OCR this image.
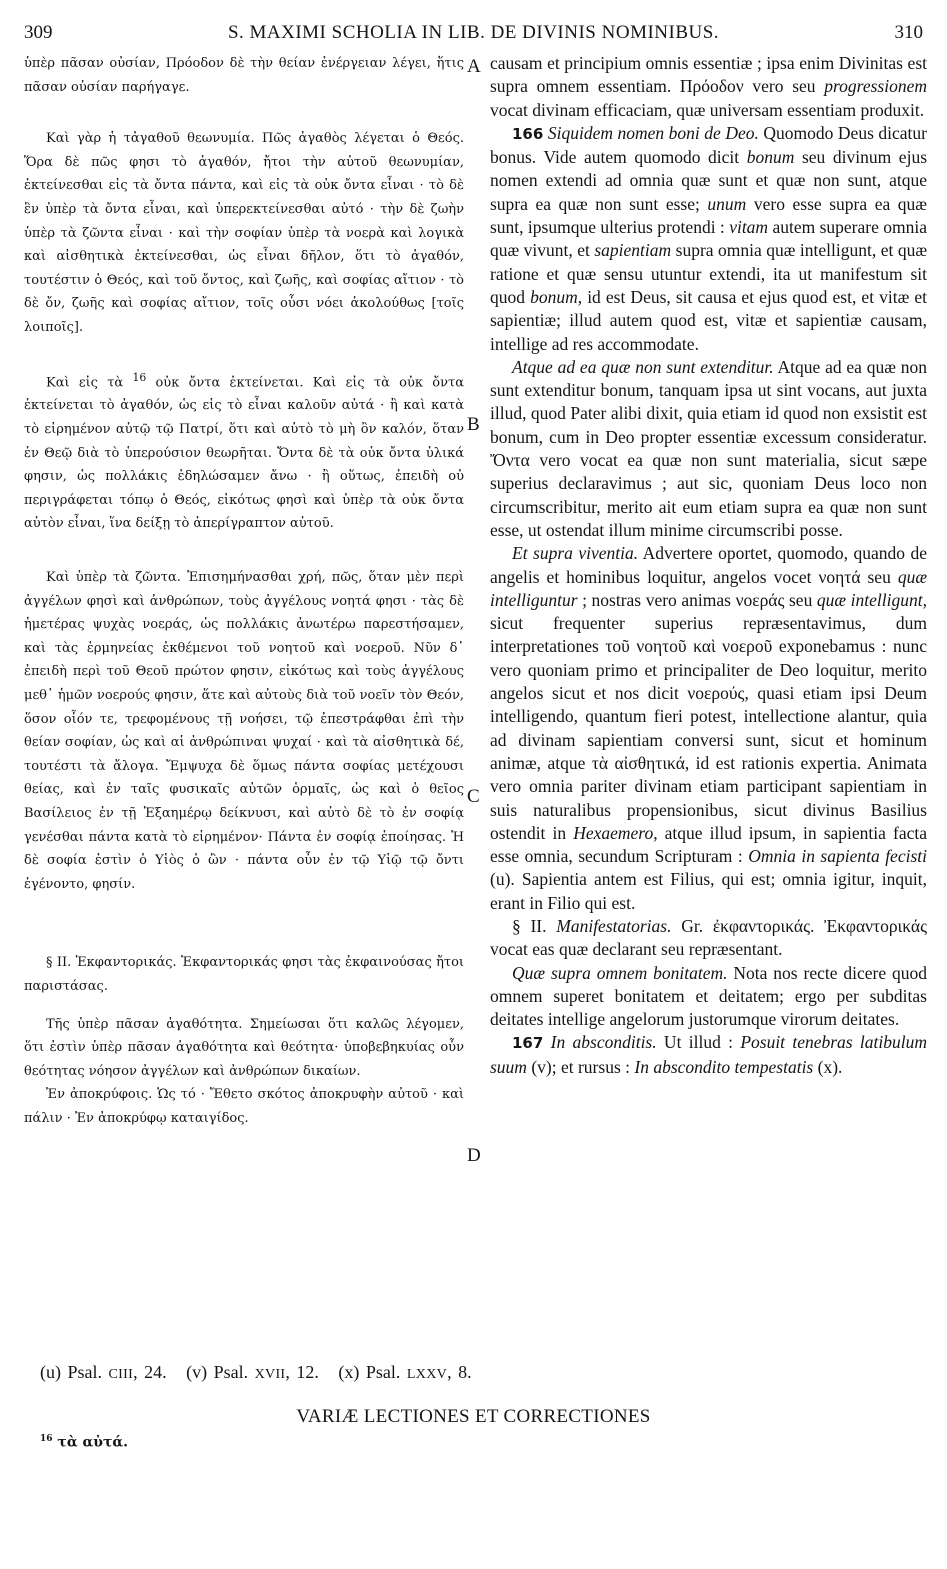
309	S. MAXIMI SCHOLIA IN LIB. DE DIVINIS NOMINIBUS.	310
A
B
C
D

ὑπὲρ πᾶσαν οὐσίαν, Πρόοδον δὲ τὴν θείαν ἐνέργειαν λέγει, ἥτις πᾶσαν οὐσίαν παρήγαγε.

Καὶ γὰρ ἡ τἀγαθοῦ θεωνυμία. Πῶς ἀγαθὸς λέγεται ὁ Θεός. Ὅρα δὲ πῶς φησι τὸ ἀγαθόν, ἤτοι τὴν αὐτοῦ θεωνυμίαν, ἐκτείνεσθαι εἰς τὰ ὄντα πάντα, καὶ εἰς τὰ οὐκ ὄντα εἶναι · τὸ δὲ ἓν ὑπὲρ τὰ ὄντα εἶναι, καὶ ὑπερεκτείνεσθαι αὐτό · τὴν δὲ ζωὴν ὑπὲρ τὰ ζῶντα εἶναι · καὶ τὴν σοφίαν ὑπὲρ τὰ νοερὰ καὶ λογικὰ καὶ αἰσθητικὰ ἐκτείνεσθαι, ὡς εἶναι δῆλον, ὅτι τὸ ἀγαθόν, τουτέστιν ὁ Θεός, καὶ τοῦ ὄντος, καὶ ζωῆς, καὶ σοφίας αἴτιον · τὸ δὲ ὄν, ζωῆς καὶ σοφίας αἴτιον, τοῖς οὖσι νόει ἀκολούθως [τοῖς λοιποῖς].

Καὶ εἰς τὰ $^{16}$ οὐκ ὄντα ἐκτείνεται. Καὶ εἰς τὰ οὐκ ὄντα ἐκτείνεται τὸ ἀγαθόν, ὡς εἰς τὸ εἶναι καλοῦν αὐτά · ἢ καὶ κατὰ τὸ εἰρημένον αὐτῷ τῷ Πατρί, ὅτι καὶ αὐτὸ τὸ μὴ ὂν καλόν, ὅταν ἐν Θεῷ διὰ τὸ ὑπερούσιον θεωρῆται. Ὄντα δὲ τὰ οὐκ ὄντα ὑλικά φησιν, ὡς πολλάκις ἐδηλώσαμεν ἄνω · ἢ οὕτως, ἐπειδὴ οὐ περιγράφεται τόπῳ ὁ Θεός, εἰκότως φησὶ καὶ ὑπὲρ τὰ οὐκ ὄντα αὐτὸν εἶναι, ἵνα δείξῃ τὸ ἀπερίγραπτον αὐτοῦ.

Καὶ ὑπὲρ τὰ ζῶντα. Ἐπισημήνασθαι χρή, πῶς, ὅταν μὲν περὶ ἀγγέλων φησὶ καὶ ἀνθρώπων, τοὺς ἀγγέλους νοητά φησι · τὰς δὲ ἡμετέρας ψυχὰς νοεράς, ὡς πολλάκις ἀνωτέρω παρεστήσαμεν, καὶ τὰς ἑρμηνείας ἐκθέμενοι τοῦ νοητοῦ καὶ νοεροῦ. Νῦν δ᾽ ἐπειδὴ περὶ τοῦ Θεοῦ πρώτον φησιν, εἰκότως καὶ τοὺς ἀγγέλους μεθ᾽ ἡμῶν νοερούς φησιν, ἅτε καὶ αὐτοὺς διὰ τοῦ νοεῖν τὸν Θεόν, ὅσον οἷόν τε, τρεφομένους τῇ νοήσει, τῷ ἐπεστράφθαι ἐπὶ τὴν θείαν σοφίαν, ὡς καὶ αἱ ἀνθρώπιναι ψυχαί · καὶ τὰ αἰσθητικὰ δέ, τουτέστι τὰ ἄλογα. Ἔμψυχα δὲ ὅμως πάντα σοφίας μετέχουσι θείας, καὶ ἐν ταῖς φυσικαῖς αὐτῶν ὁρμαῖς, ὡς καὶ ὁ θεῖος Βασίλειος ἐν τῇ Ἑξαημέρῳ δείκνυσι, καὶ αὐτὸ δὲ τὸ ἐν σοφίᾳ γενέσθαι πάντα κατὰ τὸ εἰρημένον· Πάντα ἐν σοφίᾳ ἐποίησας. Ἡ δὲ σοφία ἐστὶν ὁ Υἱὸς ὁ ὢν · πάντα οὖν ἐν τῷ Υἱῷ τῷ ὄντι ἐγένοντο, φησίν.

§ II. Ἐκφαντορικάς. Ἐκφαντορικάς φησι τὰς ἐκφαινούσας ἤτοι παριστάσας.

Τῆς ὑπὲρ πᾶσαν ἀγαθότητα. Σημείωσαι ὅτι καλῶς λέγομεν, ὅτι ἐστὶν ὑπὲρ πᾶσαν ἀγαθότητα καὶ θεότητα· ὑποβεβηκυίας οὖν θεότητας νόησον ἀγγέλων καὶ ἀνθρώπων δικαίων.

Ἐν ἀποκρύφοις. Ὡς τό · Ἔθετο σκότος ἀποκρυφὴν αὐτοῦ · καὶ πάλιν · Ἐν ἀποκρύφῳ καταιγίδος.

causam et principium omnis essentiæ ; ipsa enim Divinitas est supra omnem essentiam. Πρόοδον vero seu progressionem vocat divinam efficaciam, quæ universam essentiam produxit.

166 Siquidem nomen boni de Deo. Quomodo Deus dicatur bonus. Vide autem quomodo dicit bonum seu divinum ejus nomen extendi ad omnia quæ sunt et quæ non sunt, atque supra ea quæ non sunt esse; unum vero esse supra ea quæ sunt, ipsumque ulterius protendi : vitam autem superare omnia quæ vivunt, et sapientiam supra omnia quæ intelligunt, et quæ ratione et quæ sensu utuntur extendi, ita ut manifestum sit quod bonum, id est Deus, sit causa et ejus quod est, et vitæ et sapientiæ; illud autem quod est, vitæ et sapientiæ causam, intellige ad res accommodate.

Atque ad ea quæ non sunt extenditur. Atque ad ea quæ non sunt extenditur bonum, tanquam ipsa ut sint vocans, aut juxta illud, quod Pater alibi dixit, quia etiam id quod non exsistit est bonum, cum in Deo propter essentiæ excessum consideratur. Ὄντα vero vocat ea quæ non sunt materialia, sicut sæpe superius declaravimus ; aut sic, quoniam Deus loco non circumscribitur, merito ait eum etiam supra ea quæ non sunt esse, ut ostendat illum minime circumscribi posse.

Et supra viventia. Advertere oportet, quomodo, quando de angelis et hominibus loquitur, angelos vocet νοητά seu quæ intelliguntur ; nostras vero animas νοεράς seu quæ intelligunt, sicut frequenter superius repræsentavimus, dum interpretationes τοῦ νοητοῦ καὶ νοεροῦ exponebamus : nunc vero quoniam primo et principaliter de Deo loquitur, merito angelos sicut et nos dicit νοερούς, quasi etiam ipsi Deum intelligendo, quantum fieri potest, intellectione alantur, quia ad divinam sapientiam conversi sunt, sicut et hominum animæ, atque τὰ αἰσθητικά, id est rationis expertia. Animata vero omnia pariter divinam etiam participant sapientiam in suis naturalibus propensionibus, sicut divinus Basilius ostendit in Hexaemero, atque illud ipsum, in sapientia facta esse omnia, secundum Scripturam : Omnia in sapienta fecisti (u). Sapientia antem est Filius, qui est; omnia igitur, inquit, erant in Filio qui est.

§ II. Manifestatorias. Gr. ἐκφαντορικάς. Ἐκφαντορικάς vocat eas quæ declarant seu repræsentant.

Quæ supra omnem bonitatem. Nota nos recte dicere quod omnem superet bonitatem et deitatem; ergo per subditas deitates intellige angelorum justorumque virorum deitates.

167 In absconditis. Ut illud : Posuit tenebras latibulum suum (v); et rursus : In abscondito tempestatis (x).

(u) Psal. CIII, 24. (v) Psal. XVII, 12. (x) Psal. LXXV, 8.
VARIÆ LECTIONES ET CORRECTIONES
$^{16}$ τὰ αὐτά.
